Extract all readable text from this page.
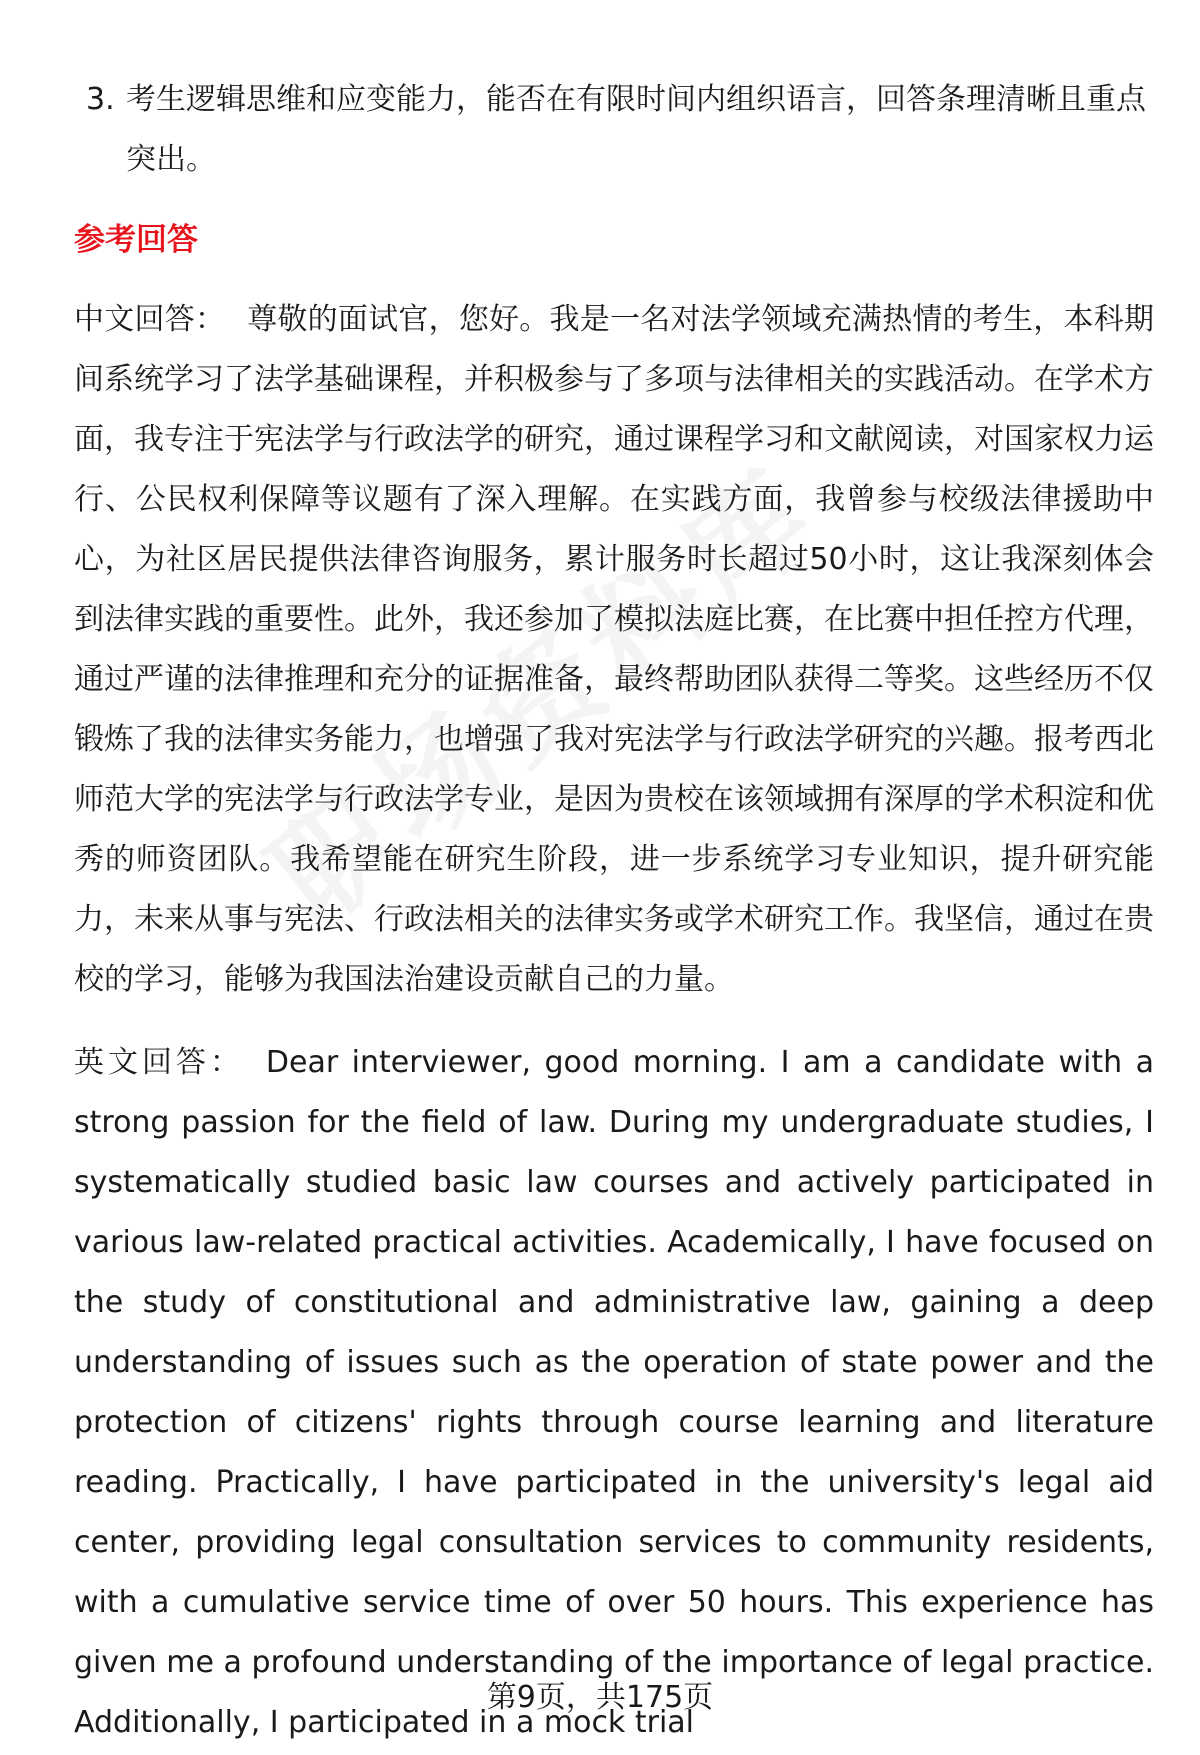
3. 考生逻辑思维和应变能力，能否在有限时间内组织语言，回答条理清晰且重点突出。
参考回答
中文回答： 尊敬的面试官，您好。我是一名对法学领域充满热情的考生，本科期间系统学习了法学基础课程，并积极参与了多项与法律相关的实践活动。在学术方面，我专注于宪法学与行政法学的研究，通过课程学习和文献阅读，对国家权力运行、公民权利保障等议题有了深入理解。在实践方面，我曾参与校级法律援助中心，为社区居民提供法律咨询服务，累计服务时长超过50小时，这让我深刻体会到法律实践的重要性。此外，我还参加了模拟法庭比赛，在比赛中担任控方代理，通过严谨的法律推理和充分的证据准备，最终帮助团队获得二等奖。这些经历不仅锻炼了我的法律实务能力，也增强了我对宪法学与行政法学研究的兴趣。报考西北师范大学的宪法学与行政法学专业，是因为贵校在该领域拥有深厚的学术积淀和优秀的师资团队。我希望能在研究生阶段，进一步系统学习专业知识，提升研究能力，未来从事与宪法、行政法相关的法律实务或学术研究工作。我坚信，通过在贵校的学习，能够为我国法治建设贡献自己的力量。
英文回答： Dear interviewer, good morning. I am a candidate with a strong passion for the field of law. During my undergraduate studies, I systematically studied basic law courses and actively participated in various law-related practical activities. Academically, I have focused on the study of constitutional and administrative law, gaining a deep understanding of issues such as the operation of state power and the protection of citizens' rights through course learning and literature reading. Practically, I have participated in the university's legal aid center, providing legal consultation services to community residents, with a cumulative service time of over 50 hours. This experience has given me a profound understanding of the importance of legal practice. Additionally, I participated in a mock trial
第9页，共175页
